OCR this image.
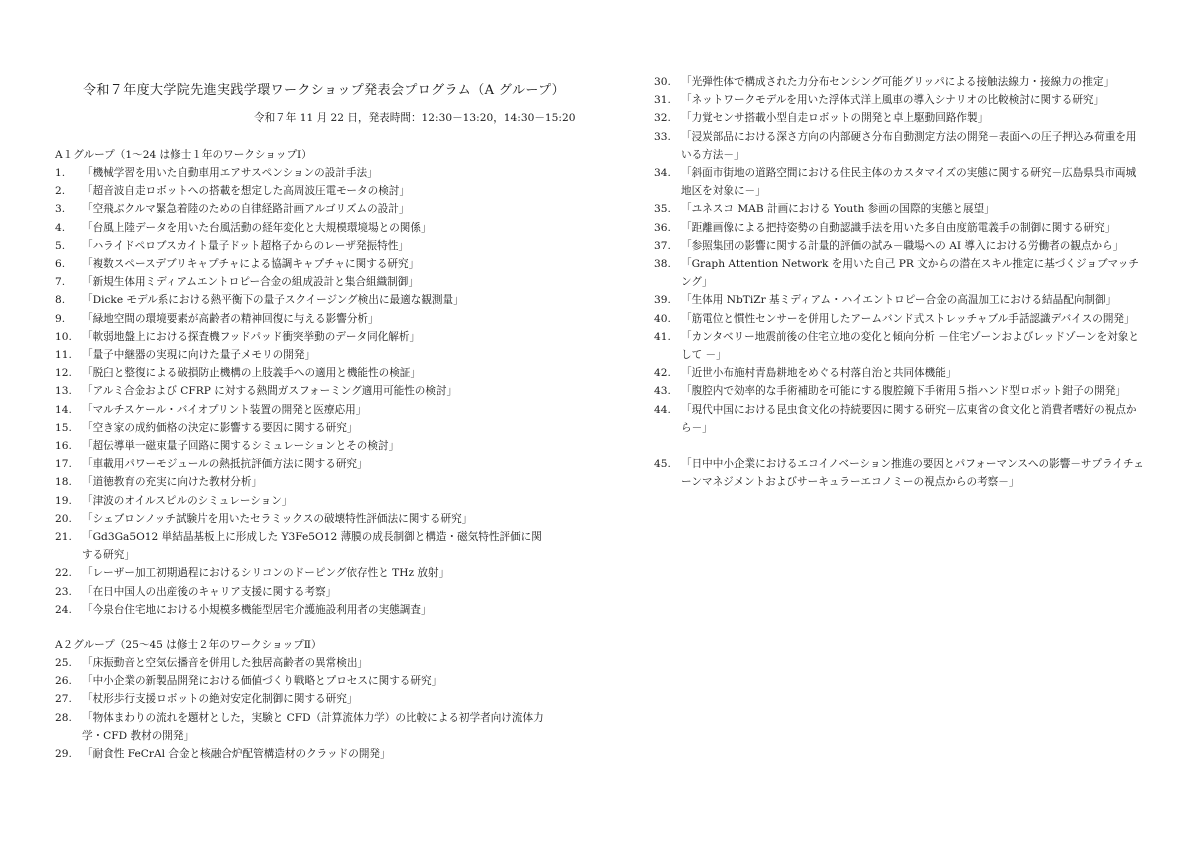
令和７年度大学院先進実践学環ワークショップ発表会プログラム（A グループ）
令和７年 11 月 22 日，発表時間：12:30－13:20，14:30－15:20
A１グループ（1～24 は修士１年のワークショップⅠ）
1.	「機械学習を用いた自動車用エアサスペンションの設計手法」
2.	「超音波自走ロボットへの搭載を想定した高周波圧電モータの検討」
3.	「空飛ぶクルマ緊急着陸のための自律経路計画アルゴリズムの設計」
4.	「台風上陸データを用いた台風活動の経年変化と大規模環境場との関係」
5.	「ハライドペロブスカイト量子ドット超格子からのレーザ発振特性」
6.	「複数スペースデブリキャプチャによる協調キャプチャに関する研究」
7.	「新規生体用ミディアムエントロピー合金の組成設計と集合組織制御」
8.	「Dicke モデル系における熱平衡下の量子スクイージング検出に最適な観測量」
9.	「緑地空間の環境要素が高齢者の精神回復に与える影響分析」
10. 「軟弱地盤上における探査機フッドパッド衝突挙動のデータ同化解析」
11. 「量子中継器の実現に向けた量子メモリの開発」
12. 「脱臼と整復による破損防止機構の上肢義手への適用と機能性の検証」
13. 「アルミ合金および CFRP に対する熱間ガスフォーミング適用可能性の検討」
14. 「マルチスケール・バイオプリント装置の開発と医療応用」
15. 「空き家の成約価格の決定に影響する要因に関する研究」
16. 「超伝導単一磁束量子回路に関するシミュレーションとその検討」
17. 「車載用パワーモジュールの熱抵抗評価方法に関する研究」
18. 「道徳教育の充実に向けた教材分析」
19. 「津波のオイルスピルのシミュレーション」
20. 「シェブロンノッチ試験片を用いたセラミックスの破壊特性評価法に関する研究」
21. 「Gd3Ga5O12 単結晶基板上に形成した Y3Fe5O12 薄膜の成長制御と構造・磁気特性評価に関する研究」
22. 「レーザー加工初期過程におけるシリコンのドーピング依存性と THz 放射」
23. 「在日中国人の出産後のキャリア支援に関する考察」
24. 「今泉台住宅地における小規模多機能型居宅介護施設利用者の実態調査」
A２グループ（25～45 は修士２年のワークショップⅡ）
25. 「床振動音と空気伝播音を併用した独居高齢者の異常検出」
26. 「中小企業の新製品開発における価値づくり戦略とプロセスに関する研究」
27. 「杖形歩行支援ロボットの絶対安定化制御に関する研究」
28. 「物体まわりの流れを題材とした，実験と CFD（計算流体力学）の比較による初学者向け流体力学・CFD 教材の開発」
29. 「耐食性 FeCrAl 合金と核融合炉配管構造材のクラッドの開発」
30. 「光弾性体で構成された力分布センシング可能グリッパによる接触法線力・接線力の推定」
31. 「ネットワークモデルを用いた浮体式洋上風車の導入シナリオの比較検討に関する研究」
32. 「力覚センサ搭載小型自走ロボットの開発と卓上駆動回路作製」
33. 「浸炭部品における深さ方向の内部硬さ分布自動測定方法の開発－表面への圧子押込み荷重を用いる方法－」
34. 「斜面市街地の道路空間における住民主体のカスタマイズの実態に関する研究－広島県呉市両城地区を対象に－」
35. 「ユネスコ MAB 計画における Youth 参画の国際的実態と展望」
36. 「距離画像による把持姿勢の自動認識手法を用いた多自由度筋電義手の制御に関する研究」
37. 「参照集団の影響に関する計量的評価の試み－職場への AI 導入における労働者の観点から」
38. 「Graph Attention Network を用いた自己 PR 文からの潜在スキル推定に基づくジョブマッチング」
39. 「生体用 NbTiZr 基ミディアム・ハイエントロピー合金の高温加工における結晶配向制御」
40. 「筋電位と慣性センサーを併用したアームバンド式ストレッチャブル手話認識デバイスの開発」
41. 「カンタベリー地震前後の住宅立地の変化と傾向分析 －住宅ゾーンおよびレッドゾーンを対象として －」
42. 「近世小布施村青島耕地をめぐる村落自治と共同体機能」
43. 「腹腔内で効率的な手術補助を可能にする腹腔鏡下手術用５指ハンド型ロボット鉗子の開発」
44. 「現代中国における昆虫食文化の持続要因に関する研究－広東省の食文化と消費者嗜好の視点から－」
45. 「日中中小企業におけるエコイノベーション推進の要因とパフォーマンスへの影響－サプライチェーンマネジメントおよびサーキュラーエコノミーの視点からの考察－」
